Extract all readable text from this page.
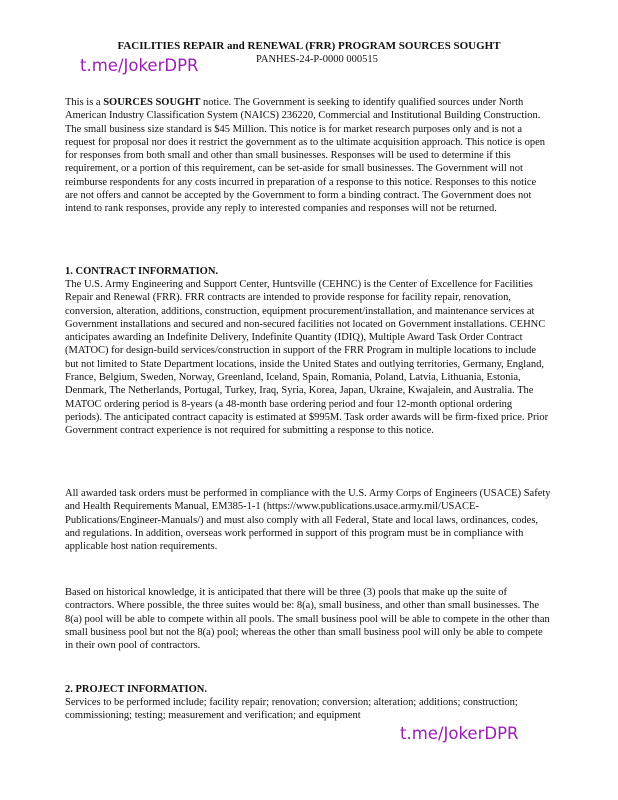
FACILITIES REPAIR and RENEWAL (FRR) PROGRAM SOURCES SOUGHT
PANHES-24-P-0000 000515
t.me/JokerDPR

This is a SOURCES SOUGHT notice. The Government is seeking to identify qualified sources under North American Industry Classification System (NAICS) 236220, Commercial and Institutional Building Construction. The small business size standard is $45 Million. This notice is for market research purposes only and is not a request for proposal nor does it restrict the government as to the ultimate acquisition approach. This notice is open for responses from both small and other than small businesses. Responses will be used to determine if this requirement, or a portion of this requirement, can be set-aside for small businesses. The Government will not reimburse respondents for any costs incurred in preparation of a response to this notice. Responses to this notice are not offers and cannot be accepted by the Government to form a binding contract. The Government does not intend to rank responses, provide any reply to interested companies and responses will not be returned.

1. CONTRACT INFORMATION.
The U.S. Army Engineering and Support Center, Huntsville (CEHNC) is the Center of Excellence for Facilities Repair and Renewal (FRR). FRR contracts are intended to provide response for facility repair, renovation, conversion, alteration, additions, construction, equipment procurement/installation, and maintenance services at Government installations and secured and non-secured facilities not located on Government installations. CEHNC anticipates awarding an Indefinite Delivery, Indefinite Quantity (IDIQ), Multiple Award Task Order Contract (MATOC) for design-build services/construction in support of the FRR Program in multiple locations to include but not limited to State Department locations, inside the United States and outlying territories, Germany, England, France, Belgium, Sweden, Norway, Greenland, Iceland, Spain, Romania, Poland, Latvia, Lithuania, Estonia, Denmark, The Netherlands, Portugal, Turkey, Iraq, Syria, Korea, Japan, Ukraine, Kwajalein, and Australia. The MATOC ordering period is 8-years (a 48-month base ordering period and four 12-month optional ordering periods). The anticipated contract capacity is estimated at $995M. Task order awards will be firm-fixed price. Prior Government contract experience is not required for submitting a response to this notice.
All awarded task orders must be performed in compliance with the U.S. Army Corps of Engineers (USACE) Safety and Health Requirements Manual, EM385-1-1 (https://www.publications.usace.army.mil/USACE-Publications/Engineer-Manuals/) and must also comply with all Federal, State and local laws, ordinances, codes, and regulations. In addition, overseas work performed in support of this program must be in compliance with applicable host nation requirements.
Based on historical knowledge, it is anticipated that there will be three (3) pools that make up the suite of contractors. Where possible, the three suites would be: 8(a), small business, and other than small businesses. The 8(a) pool will be able to compete within all pools. The small business pool will be able to compete in the other than small business pool but not the 8(a) pool; whereas the other than small business pool will only be able to compete in their own pool of contractors.
2. PROJECT INFORMATION.
Services to be performed include; facility repair; renovation; conversion; alteration; additions; construction; commissioning; testing; measurement and verification; and equipment
t.me/JokerDPR
